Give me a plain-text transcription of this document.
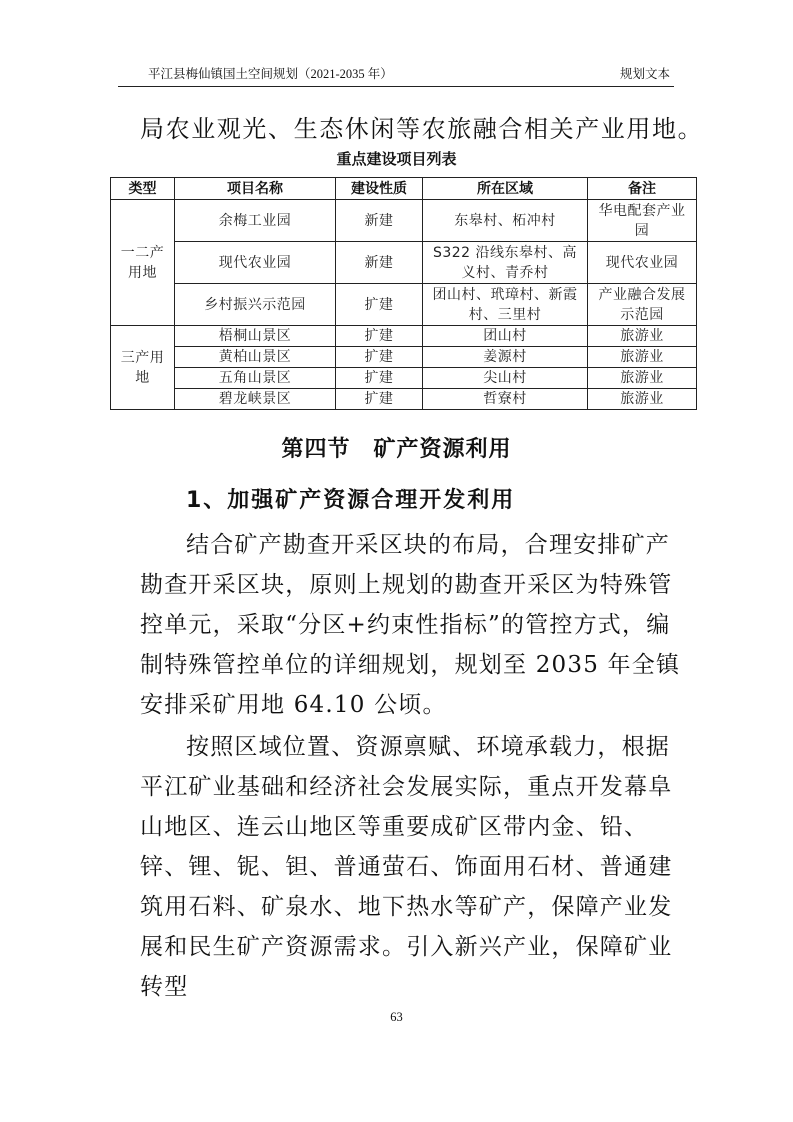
平江县梅仙镇国土空间规划（2021-2035 年）	规划文本
局农业观光、生态休闲等农旅融合相关产业用地。
重点建设项目列表
类型	项目名称	建设性质	所在区域	备注
一二产用地	余梅工业园	新建	东皋村、柘冲村	华电配套产业园
	现代农业园	新建	S322 沿线东皋村、高义村、青乔村	现代农业园
	乡村振兴示范园	扩建	团山村、玳璋村、新霞村、三里村	产业融合发展示范园
三产用地	梧桐山景区	扩建	团山村	旅游业
	黄柏山景区	扩建	姜源村	旅游业
	五角山景区	扩建	尖山村	旅游业
	碧龙峡景区	扩建	哲寮村	旅游业
第四节　矿产资源利用
1、加强矿产资源合理开发利用

结合矿产勘查开采区块的布局，合理安排矿产勘查开采区块，原则上规划的勘查开采区为特殊管控单元，采取“分区+约束性指标”的管控方式，编制特殊管控单位的详细规划，规划至 2035 年全镇安排采矿用地 64.10 公顷。

按照区域位置、资源禀赋、环境承载力，根据平江矿业基础和经济社会发展实际，重点开发幕阜山地区、连云山地区等重要成矿区带内金、铅、锌、锂、铌、钽、普通萤石、饰面用石材、普通建筑用石料、矿泉水、地下热水等矿产，保障产业发展和民生矿产资源需求。引入新兴产业，保障矿业转型

63
